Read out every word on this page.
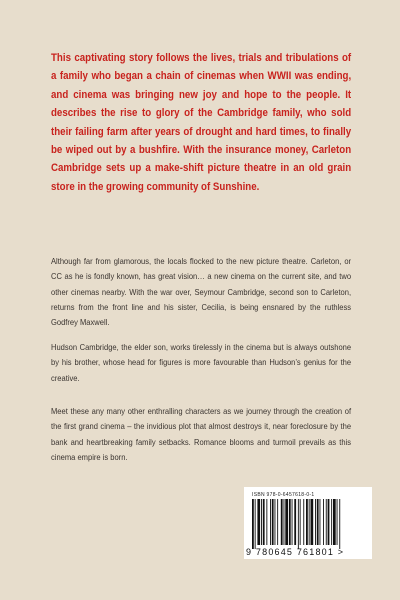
This captivating story follows the lives, trials and tribulations of a family who began a chain of cinemas when WWII was ending, and cinema was bringing new joy and hope to the people. It describes the rise to glory of the Cambridge family, who sold their failing farm after years of drought and hard times, to finally be wiped out by a bushfire. With the insurance money, Carleton Cambridge sets up a make-shift picture theatre in an old grain store in the growing community of Sunshine.
Although far from glamorous, the locals flocked to the new picture theatre. Carleton, or CC as he is fondly known, has great vision… a new cinema on the current site, and two other cinemas nearby. With the war over, Seymour Cambridge, second son to Carleton, returns from the front line and his sister, Cecilia, is being ensnared by the ruthless Godfrey Maxwell.
Hudson Cambridge, the elder son, works tirelessly in the cinema but is always outshone by his brother, whose head for figures is more favourable than Hudson’s genius for the creative.
Meet these any many other enthralling characters as we journey through the creation of the first grand cinema – the invidious plot that almost destroys it, near foreclosure by the bank and heartbreaking family setbacks. Romance blooms and turmoil prevails as this cinema empire is born.
ISBN 978-0-6457618-0-1
9 780645 761801 >
